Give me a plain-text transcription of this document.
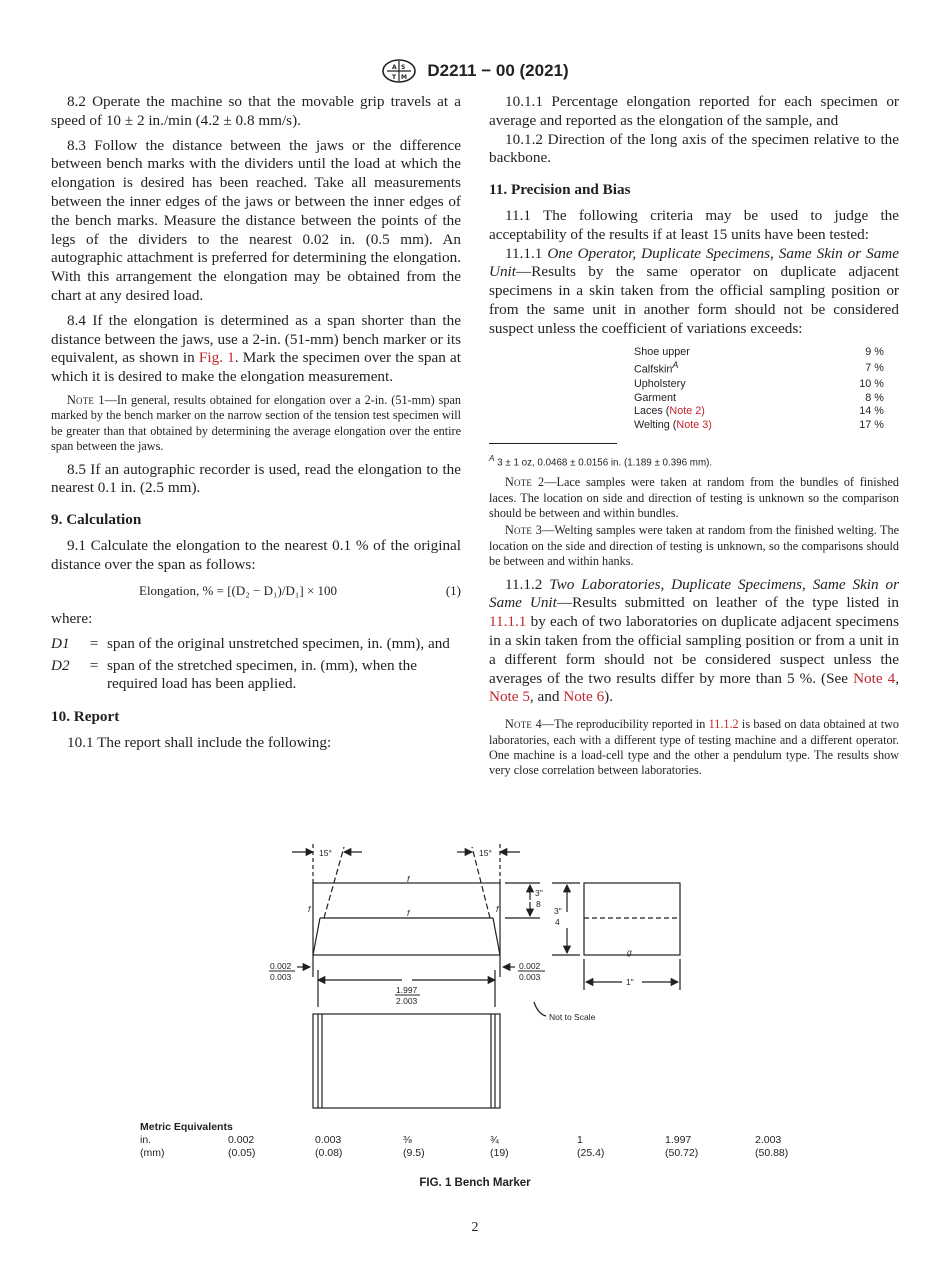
A S
T M D2211 − 00 (2021)

8.2 Operate the machine so that the movable grip travels at a speed of 10 ± 2 in./min (4.2 ± 0.8 mm/s).

8.3 Follow the distance between the jaws or the difference between bench marks with the dividers until the load at which the elongation is desired has been reached. Take all measurements between the inner edges of the jaws or between the inner edges of the bench marks. Measure the distance between the points of the legs of the dividers to the nearest 0.02 in. (0.5 mm). An autographic attachment is preferred for determining the elongation. With this arrangement the elongation may be obtained from the chart at any desired load.

8.4 If the elongation is determined as a span shorter than the distance between the jaws, use a 2-in. (51-mm) bench marker or its equivalent, as shown in Fig. 1. Mark the specimen over the span at which it is desired to make the elongation measurement.

Note 1—In general, results obtained for elongation over a 2-in. (51-mm) span marked by the bench marker on the narrow section of the tension test specimen will be greater than that obtained by determining the average elongation over the entire span between the jaws.

8.5 If an autographic recorder is used, read the elongation to the nearest 0.1 in. (2.5 mm).

9. Calculation

9.1 Calculate the elongation to the nearest 0.1 % of the original distance over the span as follows:

Elongation, % = [(D₂ − D₁)/D₁] × 100	(1)

where:

D1	=	span of the original unstretched specimen, in. (mm), and
D2	=	span of the stretched specimen, in. (mm), when the required load has been applied.
10. Report

10.1 The report shall include the following:

10.1.1 Percentage elongation reported for each specimen or average and reported as the elongation of the sample, and

10.1.2 Direction of the long axis of the specimen relative to the backbone.

11. Precision and Bias

11.1 The following criteria may be used to judge the acceptability of the results if at least 15 units have been tested:

11.1.1 One Operator, Duplicate Specimens, Same Skin or Same Unit—Results by the same operator on duplicate adjacent specimens in a skin taken from the official sampling position or from the same unit in another form should not be considered suspect unless the coefficient of variations exceeds:

Shoe upper	9 %
Calfskin$^A$	7 %
Upholstery	10 %
Garment	8 %
Laces (Note 2)	14 %
Welting (Note 3)	17 %
$^A$ 3 ± 1 oz, 0.0468 ± 0.0156 in. (1.189 ± 0.396 mm).
Note 2—Lace samples were taken at random from the bundles of finished laces. The location on side and direction of testing is unknown so the comparison should be between and within bundles.
Note 3—Welting samples were taken at random from the finished welting. The location on the side and direction of testing is unknown, so the comparisons should be between and within hanks.

11.1.2 Two Laboratories, Duplicate Specimens, Same Skin or Same Unit—Results submitted on leather of the type listed in 11.1.1 by each of two laboratories on duplicate adjacent specimens in a skin taken from the official sampling position or from a unit in a different form should not be considered suspect unless the averages of the two results differ by more than 5 %. (See Note 4, Note 5, and Note 6).

Note 4—The reproducibility reported in 11.1.2 is based on data obtained at two laboratories, each with a different type of testing machine and a different operator. One machine is a load-cell type and the other a pendulum type. The results show very close correlation between laboratories.
15°	15°
f
f
f	f
g
0.002
0.003
0.002
0.003
1.997
2.003
3"
8
3"
4
1"
Not to Scale
Metric Equivalents
in.	0.002	0.003	⅜	¾	1	1.997	2.003
(mm)	(0.05)	(0.08)	(9.5)	(19)	(25.4)	(50.72)	(50.88)
FIG. 1 Bench Marker
2
